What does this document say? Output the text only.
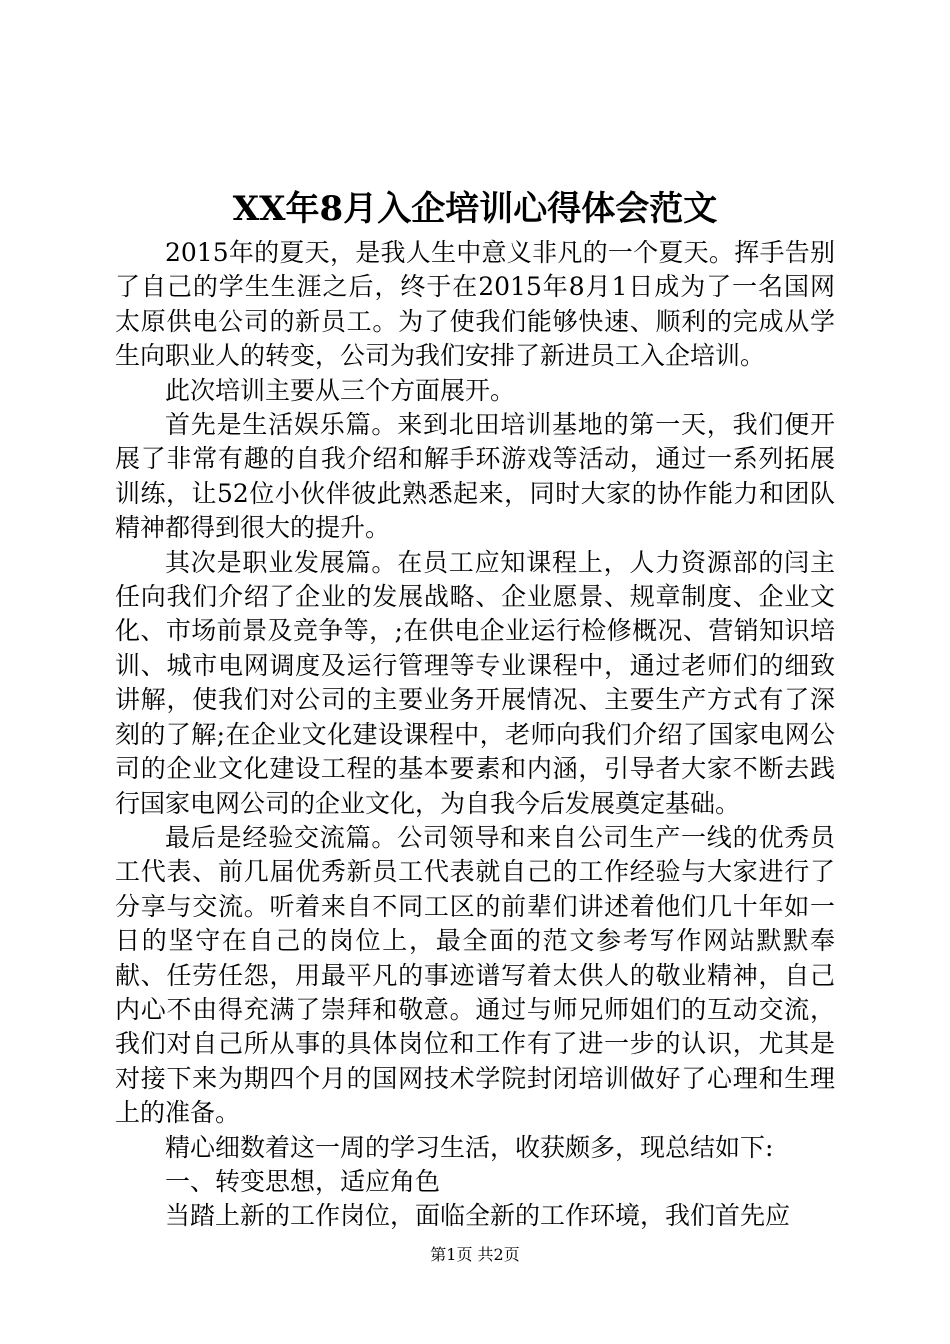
XX年8月入企培训心得体会范文

2015年的夏天，是我人生中意义非凡的一个夏天。挥手告别了自己的学生生涯之后，终于在2015年8月1日成为了一名国网太原供电公司的新员工。为了使我们能够快速、顺利的完成从学生向职业人的转变，公司为我们安排了新进员工入企培训。

此次培训主要从三个方面展开。

首先是生活娱乐篇。来到北田培训基地的第一天，我们便开展了非常有趣的自我介绍和解手环游戏等活动，通过一系列拓展训练，让52位小伙伴彼此熟悉起来，同时大家的协作能力和团队精神都得到很大的提升。

其次是职业发展篇。在员工应知课程上，人力资源部的闫主任向我们介绍了企业的发展战略、企业愿景、规章制度、企业文化、市场前景及竞争等，;在供电企业运行检修概况、营销知识培训、城市电网调度及运行管理等专业课程中，通过老师们的细致讲解，使我们对公司的主要业务开展情况、主要生产方式有了深刻的了解;在企业文化建设课程中，老师向我们介绍了国家电网公司的企业文化建设工程的基本要素和内涵，引导者大家不断去践行国家电网公司的企业文化，为自我今后发展奠定基础。

最后是经验交流篇。公司领导和来自公司生产一线的优秀员工代表、前几届优秀新员工代表就自己的工作经验与大家进行了分享与交流。听着来自不同工区的前辈们讲述着他们几十年如一日的坚守在自己的岗位上，最全面的范文参考写作网站默默奉献、任劳任怨，用最平凡的事迹谱写着太供人的敬业精神，自己内心不由得充满了崇拜和敬意。通过与师兄师姐们的互动交流，我们对自己所从事的具体岗位和工作有了进一步的认识，尤其是对接下来为期四个月的国网技术学院封闭培训做好了心理和生理上的准备。

精心细数着这一周的学习生活，收获颇多，现总结如下:

一、转变思想，适应角色

当踏上新的工作岗位，面临全新的工作环境，我们首先应

第1页 共2页
